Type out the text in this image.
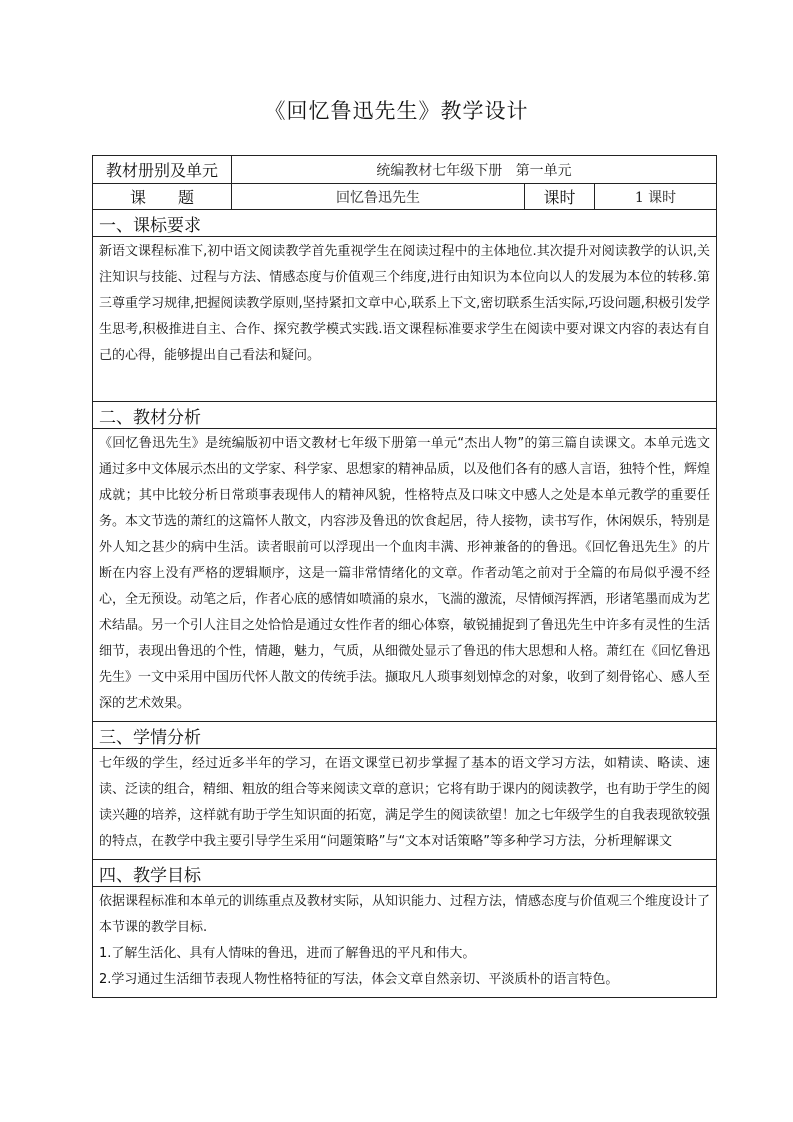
《回忆鲁迅先生》教学设计
教材册别及单元	统编教材七年级下册   第一单元		
课　　题	回忆鲁迅先生	课时	1 课时
一、课标要求			

新语文课程标准下,初中语文阅读教学首先重视学生在阅读过程中的主体地位.其次提升对阅读教学的认识,关注知识与技能、过程与方法、情感态度与价值观三个纬度,进行由知识为本位向以人的发展为本位的转移.第三尊重学习规律,把握阅读教学原则,坚持紧扣文章中心,联系上下文,密切联系生活实际,巧设问题,积极引发学生思考,积极推进自主、合作、探究教学模式实践.语文课程标准要求学生在阅读中要对课文内容的表达有自己的心得，能够提出自己看法和疑问。			

二、教材分析			

《回忆鲁迅先生》是统编版初中语文教材七年级下册第一单元“杰出人物”的第三篇自读课文。本单元选文通过多中文体展示杰出的文学家、科学家、思想家的精神品质，以及他们各有的感人言语，独特个性，辉煌成就；其中比较分析日常琐事表现伟人的精神风貌，性格特点及口味文中感人之处是本单元教学的重要任务。本文节选的萧红的这篇怀人散文，内容涉及鲁迅的饮食起居，待人接物，读书写作，休闲娱乐，特别是外人知之甚少的病中生活。读者眼前可以浮现出一个血肉丰满、形神兼备的的鲁迅。《回忆鲁迅先生》的片断在内容上没有严格的逻辑顺序，这是一篇非常情绪化的文章。作者动笔之前对于全篇的布局似乎漫不经心，全无预设。动笔之后，作者心底的感情如喷涌的泉水，飞湍的激流，尽情倾泻挥洒，形诸笔墨而成为艺术结晶。另一个引人注目之处恰恰是通过女性作者的细心体察，敏锐捕捉到了鲁迅先生中许多有灵性的生活细节，表现出鲁迅的个性，情趣，魅力，气质，从细微处显示了鲁迅的伟大思想和人格。萧红在《回忆鲁迅先生》一文中采用中国历代怀人散文的传统手法。撷取凡人琐事刻划悼念的对象，收到了刻骨铭心、感人至深的艺术效果。			

三、学情分析			

七年级的学生，经过近多半年的学习，在语文课堂已初步掌握了基本的语文学习方法，如精读、略读、速读、泛读的组合，精细、粗放的组合等来阅读文章的意识；它将有助于课内的阅读教学，也有助于学生的阅读兴趣的培养，这样就有助于学生知识面的拓宽，满足学生的阅读欲望！加之七年级学生的自我表现欲较强的特点，在教学中我主要引导学生采用“问题策略”与“文本对话策略”等多种学习方法，分析理解课文			

四、教学目标			

依据课程标准和本单元的训练重点及教材实际，从知识能力、过程方法，情感态度与价值观三个维度设计了本节课的教学目标.

1.了解生活化、具有人情味的鲁迅，进而了解鲁迅的平凡和伟大。

2.学习通过生活细节表现人物性格特征的写法，体会文章自然亲切、平淡质朴的语言特色。			
